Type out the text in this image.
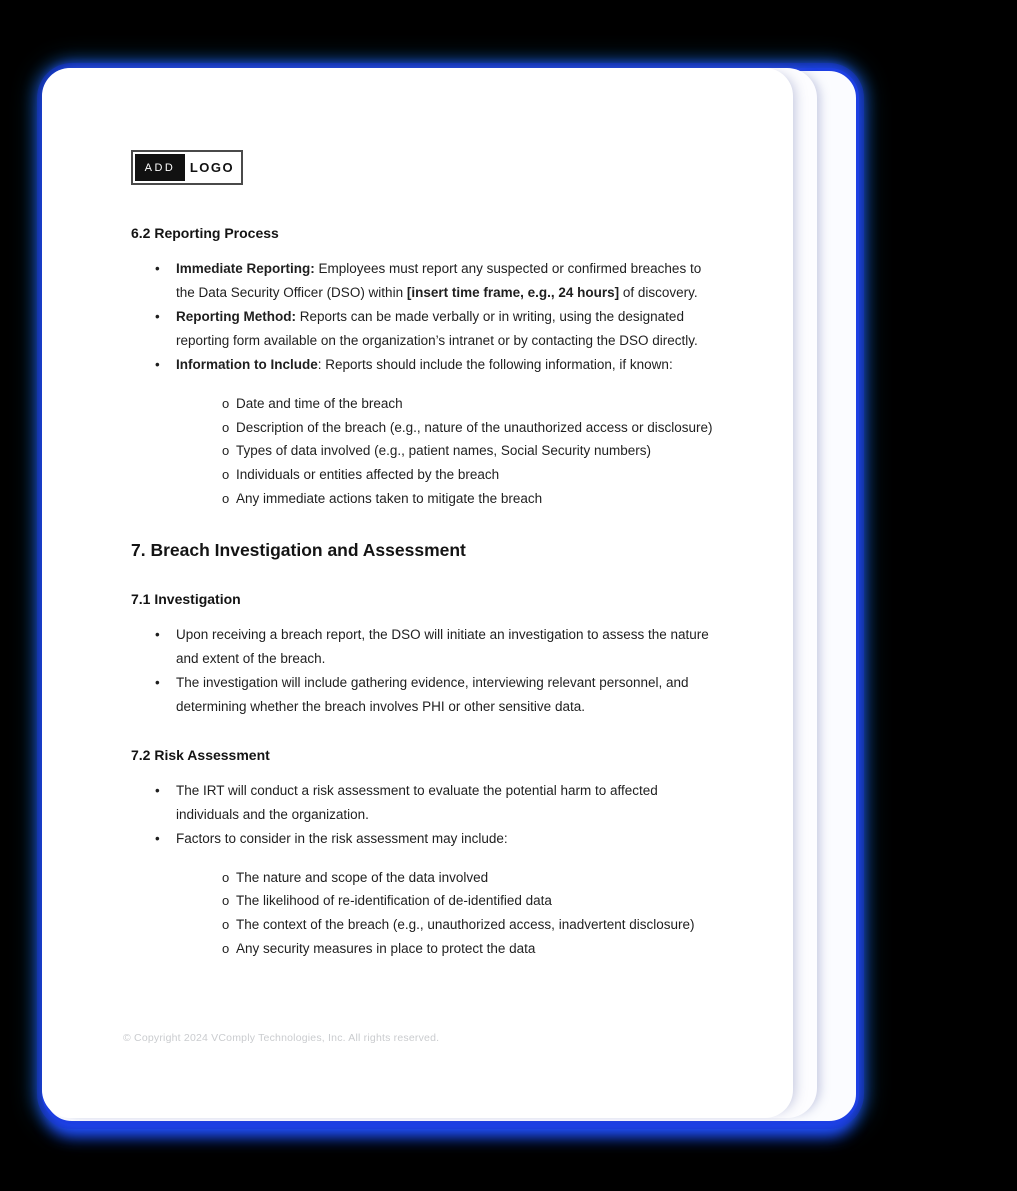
ADD	LOGO
6.2 Reporting Process
• Immediate Reporting: Employees must report any suspected or confirmed breaches to the Data Security Officer (DSO) within [insert time frame, e.g., 24 hours] of discovery.
• Reporting Method: Reports can be made verbally or in writing, using the designated reporting form available on the organization’s intranet or by contacting the DSO directly.
• Information to Include: Reports should include the following information, if known:
o Date and time of the breach
o Description of the breach (e.g., nature of the unauthorized access or disclosure)
o Types of data involved (e.g., patient names, Social Security numbers)
o Individuals or entities affected by the breach
o Any immediate actions taken to mitigate the breach
7. Breach Investigation and Assessment
7.1 Investigation
• Upon receiving a breach report, the DSO will initiate an investigation to assess the nature and extent of the breach.
• The investigation will include gathering evidence, interviewing relevant personnel, and determining whether the breach involves PHI or other sensitive data.
7.2 Risk Assessment
• The IRT will conduct a risk assessment to evaluate the potential harm to affected individuals and the organization.
• Factors to consider in the risk assessment may include:
o The nature and scope of the data involved
o The likelihood of re-identification of de-identified data
o The context of the breach (e.g., unauthorized access, inadvertent disclosure)
o Any security measures in place to protect the data
© Copyright 2024 VComply Technologies, Inc. All rights reserved.
